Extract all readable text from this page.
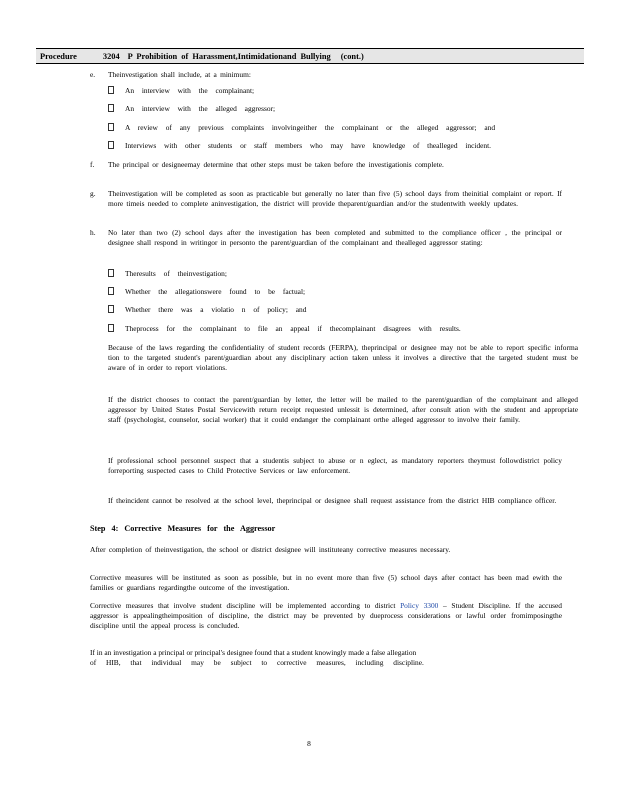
Procedure	3204 P Prohibition of Harassment,Intimidationand Bullying (cont.)
e. Theinvestigation shall include, at a minimum:
An interview with the complainant;
An interview with the alleged aggressor;
A review of any previous complaints involvingeither the complainant or the alleged aggressor; and
Interviews with other students or staff members who may have knowledge of thealleged incident.
f. The principal or designeemay determine that other steps must be taken before the investigationis complete.
g. Theinvestigation will be completed as soon as practicable but generally no later than five (5) school days from theinitial complaint or report. If more timeis needed to complete aninvestigation, the district will provide theparent/guardian and/or the studentwith weekly updates.
h. No later than two (2) school days after the investigation has been completed and submitted to the compliance officer , the principal or designee shall respond in writingor in personto the parent/guardian of the complainant and thealleged aggressor stating:
Theresults of theinvestigation;
Whether the allegationswere found to be factual;
Whether there was a violatio n of policy; and
Theprocess for the complainant to file an appeal if thecomplainant disagrees with results.
Because of the laws regarding the confidentiality of student records (FERPA), theprincipal or designee may not be able to report specific informa tion to the targeted student's parent/guardian about any disciplinary action taken unless it involves a directive that the targeted student must be aware of in order to report violations.
If the district chooses to contact the parent/guardian by letter, the letter will be mailed to the parent/guardian of the complainant and alleged aggressor by United States Postal Servicewith return receipt requested unlessit is determined, after consult ation with the student and appropriate staff (psychologist, counselor, social worker) that it could endanger the complainant orthe alleged aggressor to involve their family.
If professional school personnel suspect that a studentis subject to abuse or n eglect, as mandatory reporters theymust followdistrict policy forreporting suspected cases to Child Protective Services or law enforcement.
If theincident cannot be resolved at the school level, theprincipal or designee shall request assistance from the district HIB compliance officer.
Step 4: Corrective Measures for the Aggressor
After completion of theinvestigation, the school or district designee will institutеany corrective measures necessary.
Corrective measures will be instituted as soon as possible, but in no event more than five (5) school days after contact has been mad ewith the families or guardians regardingthe outcome of the investigation.
Corrective measures that involve student discipline will be implemented according to district Policy 3300 – Student Discipline. If the accused aggressor is appealingtheimposition of discipline, the district may be prevented by dueprocess considerations or lawful order fromimposingthe discipline until the appeal process is concluded.
If in an investigation a principal or principal's designee found that a student knowingly made a false allegation
of HIB, that individual may be subject to corrective measures, including discipline.
8
